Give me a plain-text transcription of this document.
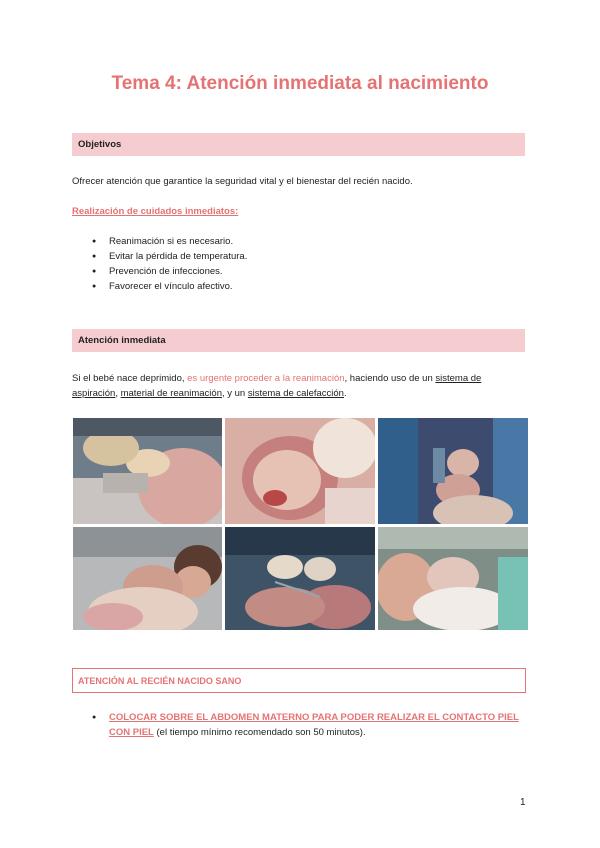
Tema 4: Atención inmediata al nacimiento
Objetivos
Ofrecer atención que garantice la seguridad vital y el bienestar del recién nacido.
Realización de cuidados inmediatos:
● Reanimación si es necesario.
● Evitar la pérdida de temperatura.
● Prevención de infecciones.
● Favorecer el vínculo afectivo.
Atención inmediata
Si el bebé nace deprimido, es urgente proceder a la reanimación, haciendo uso de un sistema de aspiración, material de reanimación, y un sistema de calefacción.
ATENCIÓN AL RECIÉN NACIDO SANO
●	COLOCAR SOBRE EL ABDOMEN MATERNO PARA PODER REALIZAR EL CONTACTO PIEL CON PIEL (el tiempo mínimo recomendado son 50 minutos).
1
